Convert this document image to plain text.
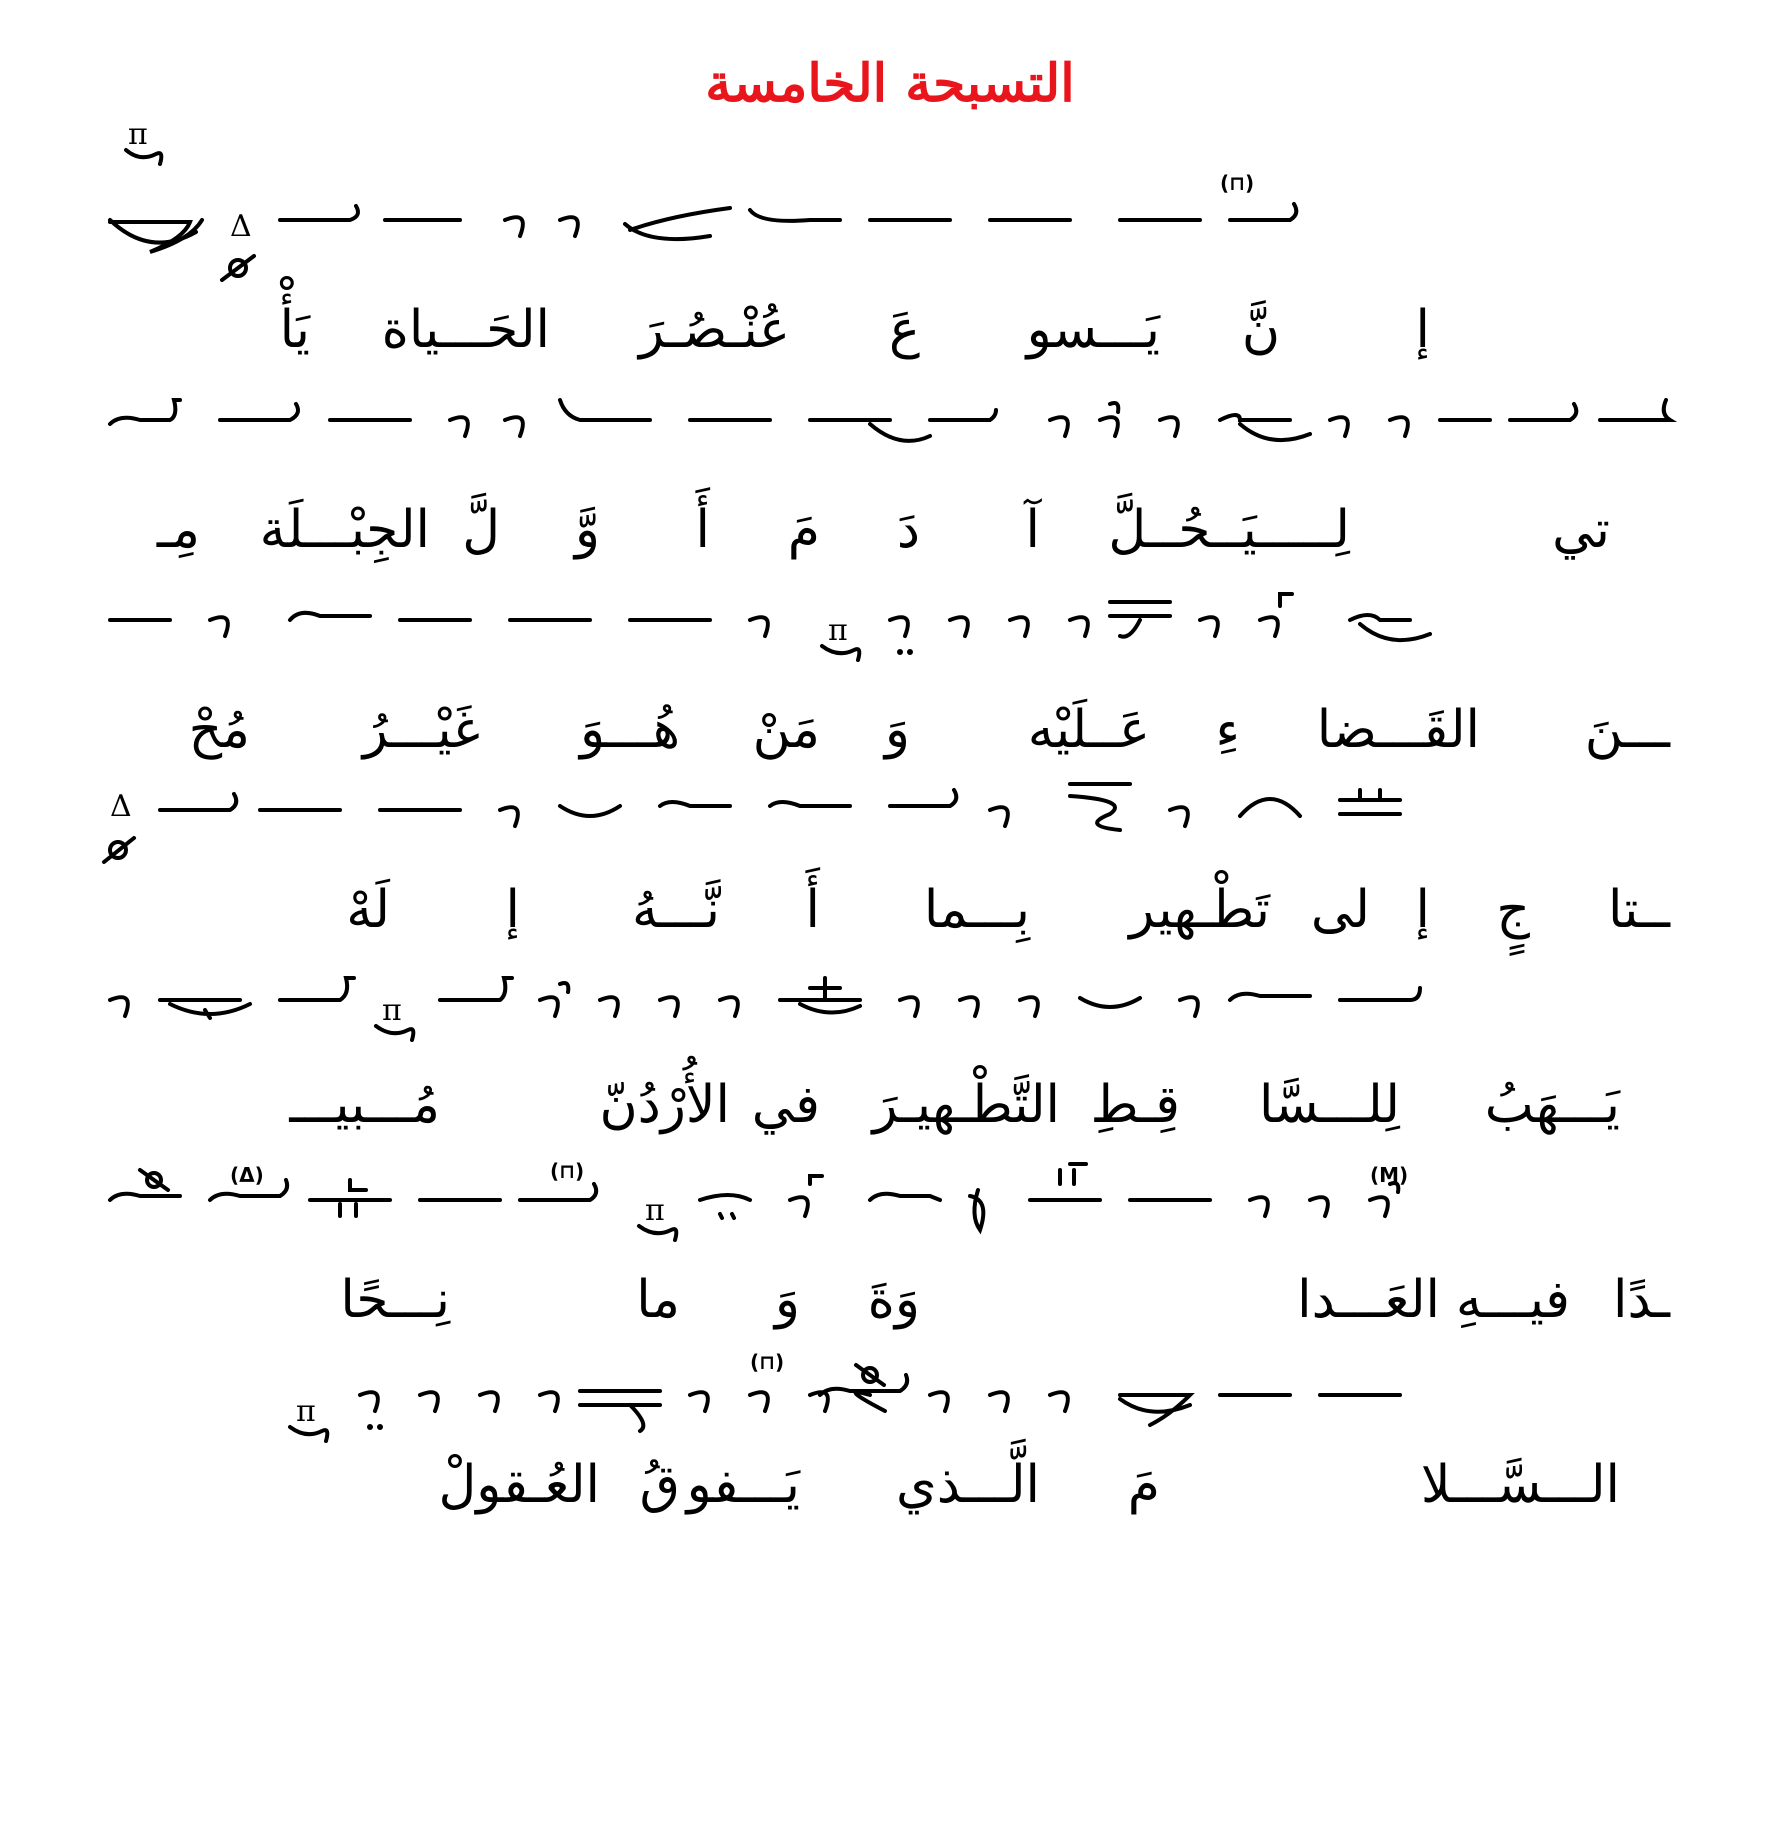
التسبحة الخامسة
π
Δ
(⊓)
إ
نَّ
يَـــسو
عَ
عُنْـصُـرَ
الحَـــياة
يَأْ
تي
لِـــــيَــحُــلَّ
آ
دَ
مَ
أَ
وَّ
لَّ
الجِبْـــلَة
مِـ
π
ـــنَ
القَـــضا
ءِ
عَــلَيْه
وَ
مَنْ
هُـــوَ
غَيْـــرُ
مُحْ
Δ
ــتا
جٍ
إ
لى
تَطْـهير
بِـــما
أَ
نَّـــهُ
إ
لَهْ
π
يَـــهَبُ
لِلـــسَّا
قِـطِ
التَّطْـهيـرَ
في
الأُرْدُنّ
مُـــبيـــ
(Δ)	(⊓)
π
(M)
ـدًا
فيـــهِ
العَـــدا
وَةَ
وَ
ما
نِـــحًا
π
(⊓)
الـــسَّـــلا
مَ
الَّـــذي
يَـــفو
قُ
العُـقولْ
